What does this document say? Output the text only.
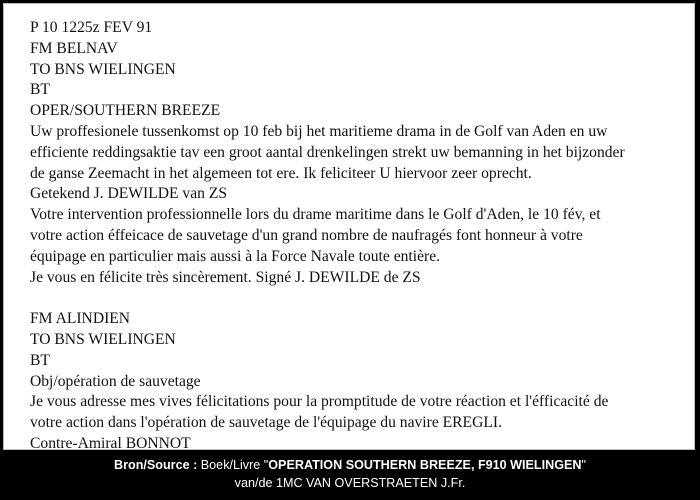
P 10 1225z FEV 91
FM BELNAV
TO BNS WIELINGEN
BT
OPER/SOUTHERN BREEZE
Uw proffesionele tussenkomst op 10 feb bij het maritieme drama in de Golf van Aden en uw
efficiente reddingsaktie tav een groot aantal drenkelingen strekt uw bemanning in het bijzonder
de ganse Zeemacht in het algemeen tot ere. Ik feliciteer U hiervoor zeer oprecht.
Getekend J. DEWILDE van ZS
Votre intervention professionnelle lors du drame maritime dans le Golf d'Aden, le 10 fév, et
votre action éffeicace de sauvetage d'un grand nombre de naufragés font honneur à votre
équipage en particulier mais aussi à la Force Navale toute entière.
Je vous en félicite très sincèrement. Signé J. DEWILDE de ZS
FM ALINDIEN
TO BNS WIELINGEN
BT
Obj/opération de sauvetage
Je vous adresse mes vives félicitations pour la promptitude de votre réaction et l'éfficacité de
votre action dans l'opération de sauvetage de l'équipage du navire EREGLI.
Contre-Amiral BONNOT
Bron/Source : Boek/Livre "OPERATION SOUTHERN BREEZE, F910 WIELINGEN"
van/de 1MC VAN OVERSTRAETEN J.Fr.
